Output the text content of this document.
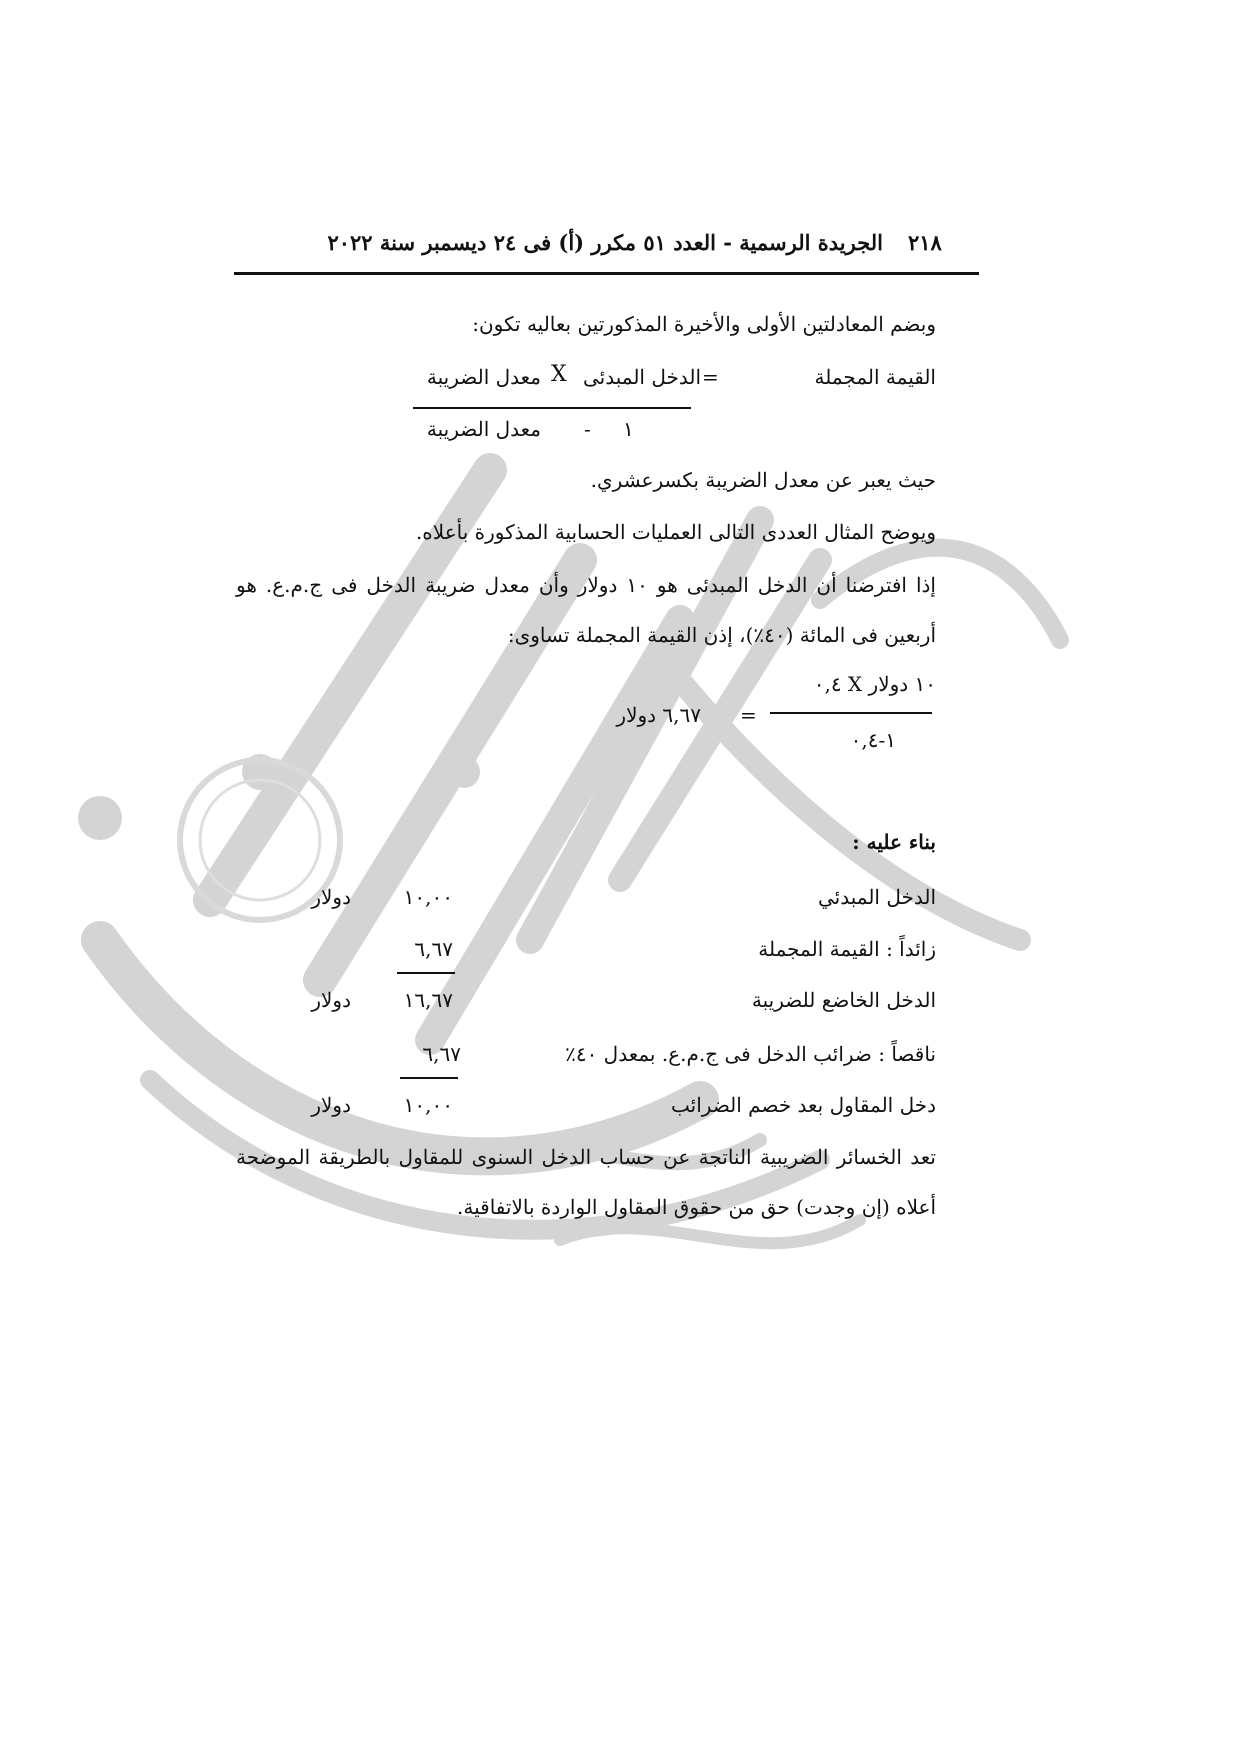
٢١٨
الجريدة الرسمية - العدد ٥١ مكرر (أ) فى ٢٤ ديسمبر سنة ٢٠٢٢
وبضم المعادلتين الأولى والأخيرة المذكورتين بعاليه تكون:
القيمة المجملة
=
الدخل المبدئى
X
معدل الضريبة
١
-
معدل الضريبة
حيث يعبر عن معدل الضريبة بكسرعشري.
ويوضح المثال العددى التالى العمليات الحسابية المذكورة بأعلاه.
إذا افترضنا أن الدخل المبدئى هو ١٠ دولار وأن معدل ضريبة الدخل فى ج.م.ع. هو
أربعين فى المائة (٤٠٪)، إذن القيمة المجملة تساوى:
١٠ دولار X ٠,٤
١-٠,٤
=
٦,٦٧ دولار
بناء عليه :
الدخل المبدئي
١٠,٠٠
دولار
زائداً : القيمة المجملة
٦,٦٧
الدخل الخاضع للضريبة
١٦,٦٧
دولار
ناقصاً : ضرائب الدخل فى ج.م.ع. بمعدل ٤٠٪
٦,٦٧
دخل المقاول بعد خصم الضرائب
١٠,٠٠
دولار
تعد الخسائر الضريبية الناتجة عن حساب الدخل السنوى للمقاول بالطريقة الموضحة
أعلاه (إن وجدت) حق من حقوق المقاول الواردة بالاتفاقية.
